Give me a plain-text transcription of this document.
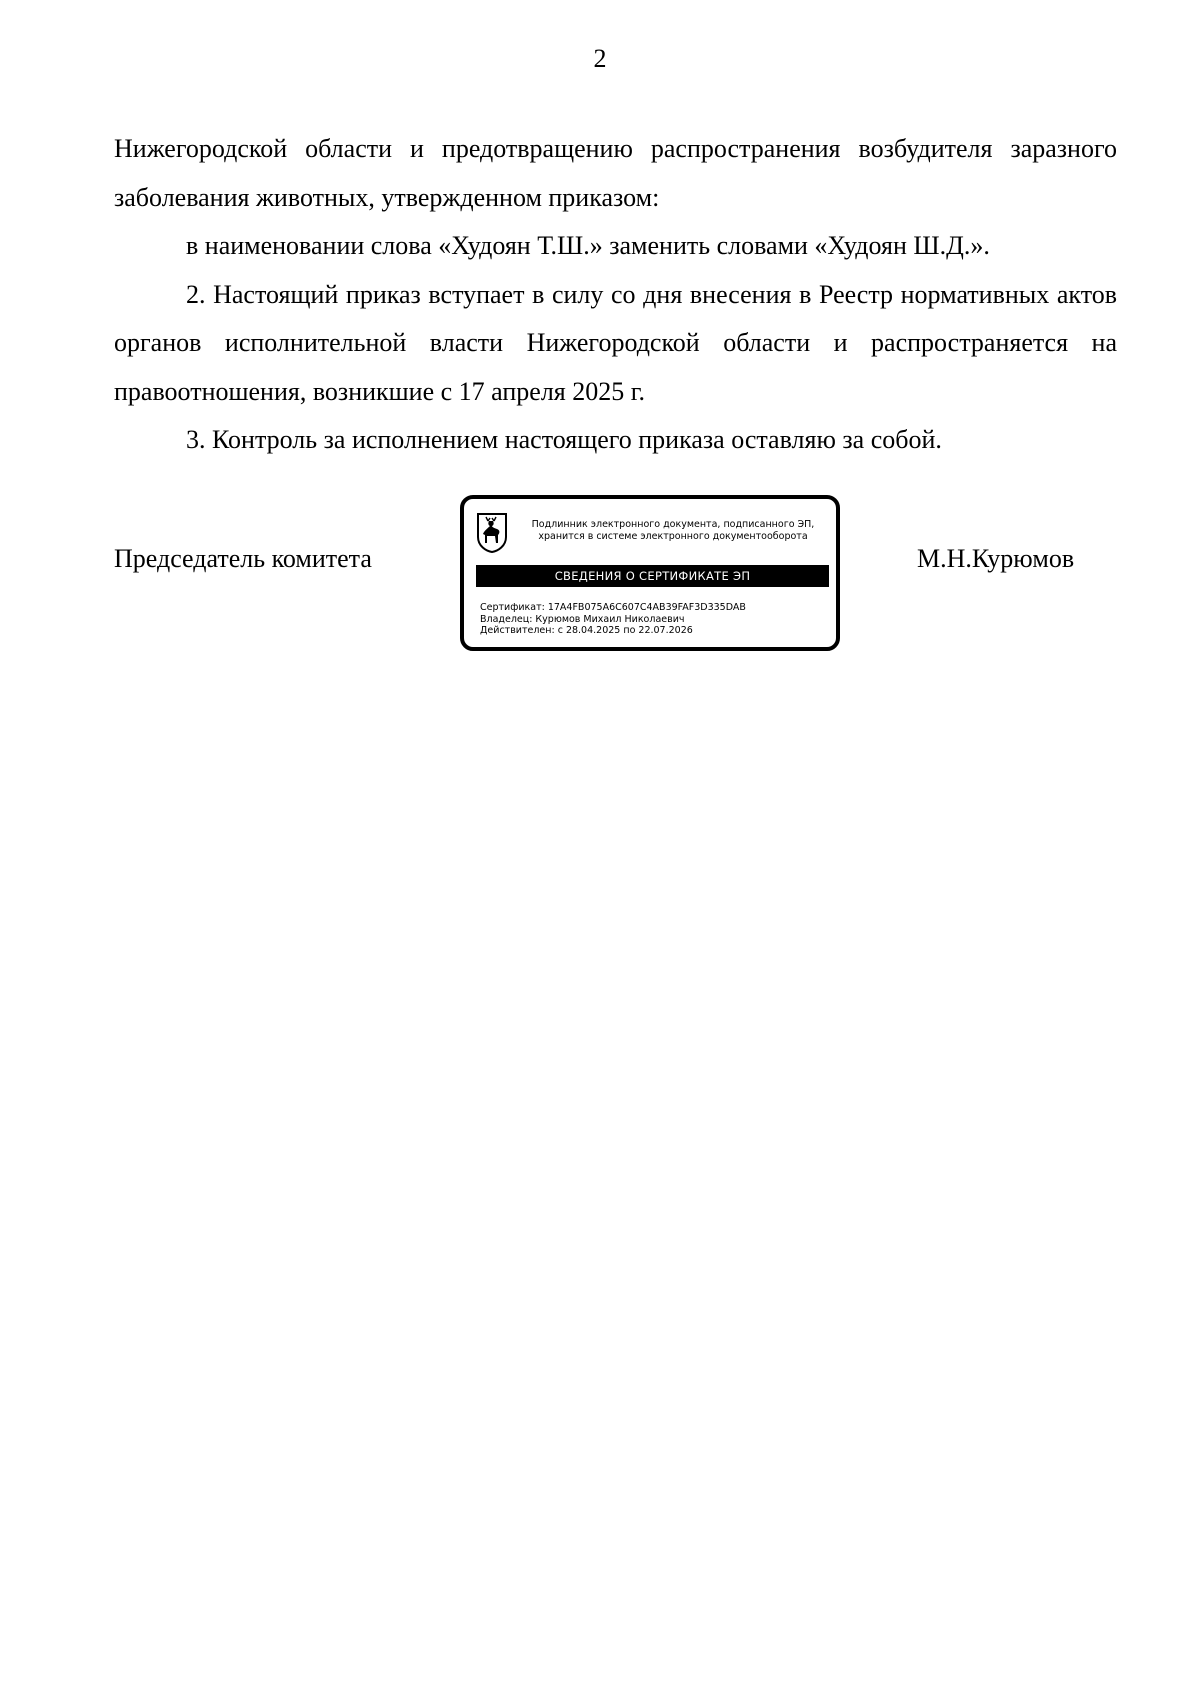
2

Нижегородской области и предотвращению распространения возбудителя заразного заболевания животных, утвержденном приказом:

в наименовании слова «Худоян Т.Ш.» заменить словами «Худоян Ш.Д.».

2. Настоящий приказ вступает в силу со дня внесения в Реестр нормативных актов органов исполнительной власти Нижегородской области и распространяется на правоотношения, возникшие с 17 апреля 2025 г.

3. Контроль за исполнением настоящего приказа оставляю за собой.

Председатель комитета	М.Н.Курюмов
Подлинник электронного документа, подписанного ЭП,
хранится в системе электронного документооборота
СВЕДЕНИЯ О СЕРТИФИКАТЕ ЭП
Сертификат: 17A4FB075A6C607C4AB39FAF3D335DAB
Владелец: Курюмов Михаил Николаевич
Действителен: с 28.04.2025 по 22.07.2026
